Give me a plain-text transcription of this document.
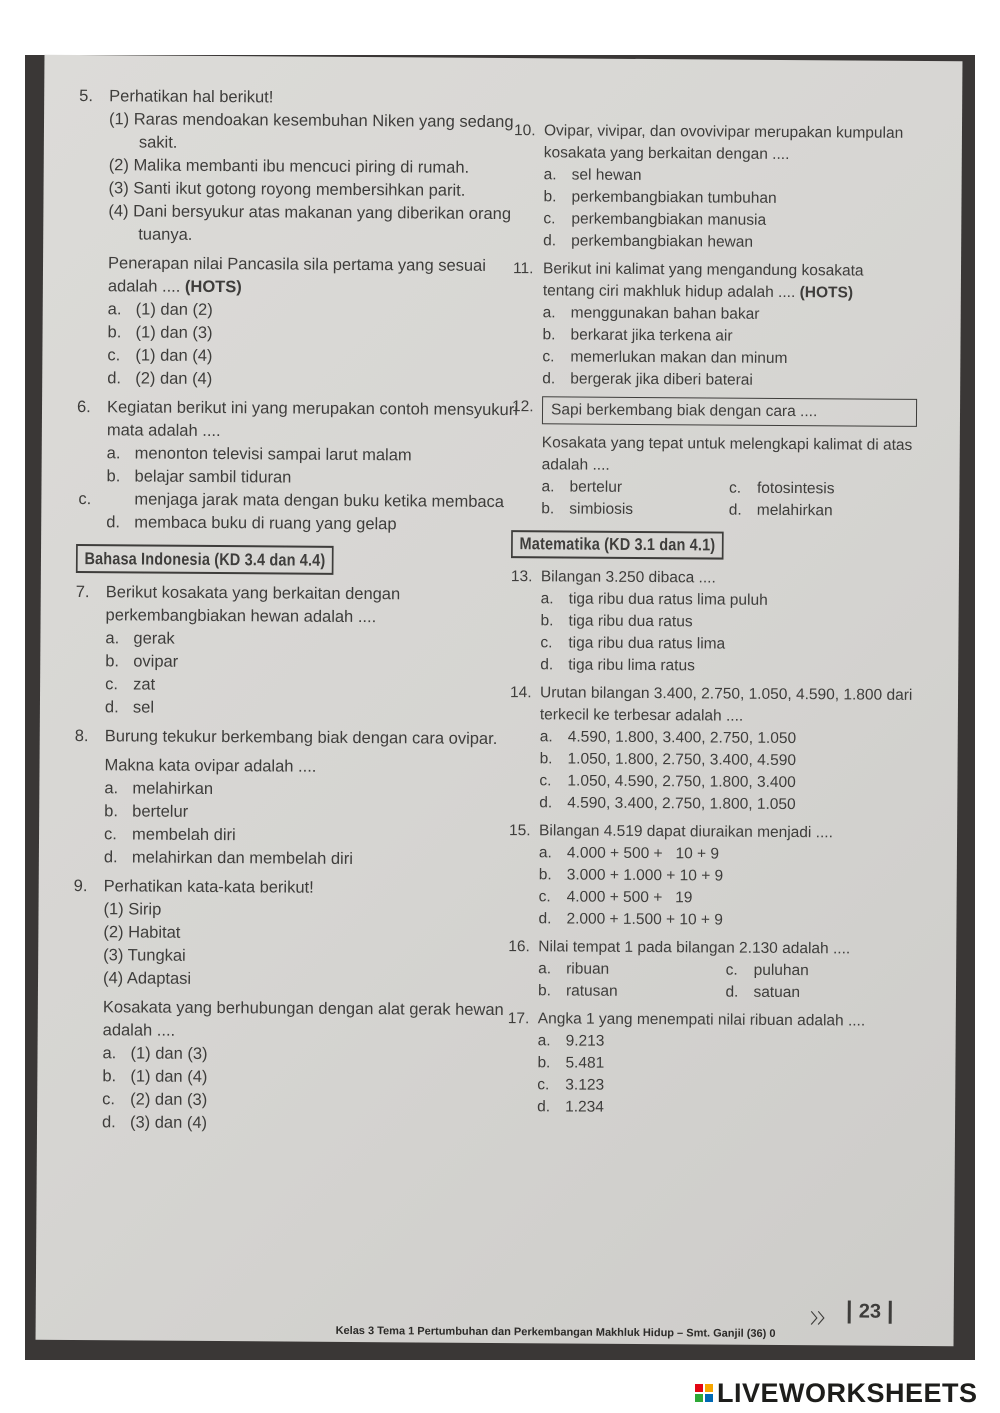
5. Perhatikan hal berikut!
(1) Raras mendoakan kesembuhan Niken yang sedang sakit.
(2) Malika membanti ibu mencuci piring di rumah.
(3) Santi ikut gotong royong membersihkan parit.
(4) Dani bersyukur atas makanan yang diberikan orang tuanya.
Penerapan nilai Pancasila sila pertama yang sesuai adalah .... (HOTS)
a. (1) dan (2)
b. (1) dan (3)
c. (1) dan (4)
d. (2) dan (4)
6. Kegiatan berikut ini yang merupakan contoh mensyukuri mata adalah ....
a. menonton televisi sampai larut malam
b. belajar sambil tiduran
c.	menjaga jarak mata dengan buku ketika membaca
d. membaca buku di ruang yang gelap
Bahasa Indonesia (KD 3.4 dan 4.4)
7. Berikut kosakata yang berkaitan dengan perkembangbiakan hewan adalah ....
a. gerak
b. ovipar
c. zat
d. sel
8. Burung tekukur berkembang biak dengan cara ovipar.
Makna kata ovipar adalah ....
a. melahirkan
b. bertelur
c. membelah diri
d. melahirkan dan membelah diri
9. Perhatikan kata-kata berikut!
(1) Sirip
(2) Habitat
(3) Tungkai
(4) Adaptasi
Kosakata yang berhubungan dengan alat gerak hewan adalah ....
a. (1) dan (3)
b. (1) dan (4)
c. (2) dan (3)
d. (3) dan (4)
10. Ovipar, vivipar, dan ovovivipar merupakan kumpulan kosakata yang berkaitan dengan ....
a. sel hewan
b. perkembangbiakan tumbuhan
c. perkembangbiakan manusia
d. perkembangbiakan hewan
11. Berikut ini kalimat yang mengandung kosakata tentang ciri makhluk hidup adalah .... (HOTS)
a. menggunakan bahan bakar
b. berkarat jika terkena air
c. memerlukan makan dan minum
d. bergerak jika diberi baterai
12.	Sapi berkembang biak dengan cara ....
Kosakata yang tepat untuk melengkapi kalimat di atas adalah ....
a. bertelur	c. fotosintesis
b. simbiosis	d. melahirkan
Matematika (KD 3.1 dan 4.1)
13. Bilangan 3.250 dibaca ....
a. tiga ribu dua ratus lima puluh
b. tiga ribu dua ratus
c. tiga ribu dua ratus lima
d. tiga ribu lima ratus
14. Urutan bilangan 3.400, 2.750, 1.050, 4.590, 1.800 dari terkecil ke terbesar adalah ....
a. 4.590, 1.800, 3.400, 2.750, 1.050
b. 1.050, 1.800, 2.750, 3.400, 4.590
c. 1.050, 4.590, 2.750, 1.800, 3.400
d. 4.590, 3.400, 2.750, 1.800, 1.050
15. Bilangan 4.519 dapat diuraikan menjadi ....
a. 4.000 + 500 +   10 + 9
b. 3.000 + 1.000 + 10 + 9
c. 4.000 + 500 +   19
d. 2.000 + 1.500 + 10 + 9
16. Nilai tempat 1 pada bilangan 2.130 adalah ....
a. ribuan	c. puluhan
b. ratusan	d. satuan
17. Angka 1 yang menempati nilai ribuan adalah ....
a. 9.213
b. 5.481
c. 3.123
d. 1.234
Kelas 3 Tema 1 Pertumbuhan dan Perkembangan Makhluk Hidup – Smt. Ganjil (36) 0
〉〉	23
LIVEWORKSHEETS
